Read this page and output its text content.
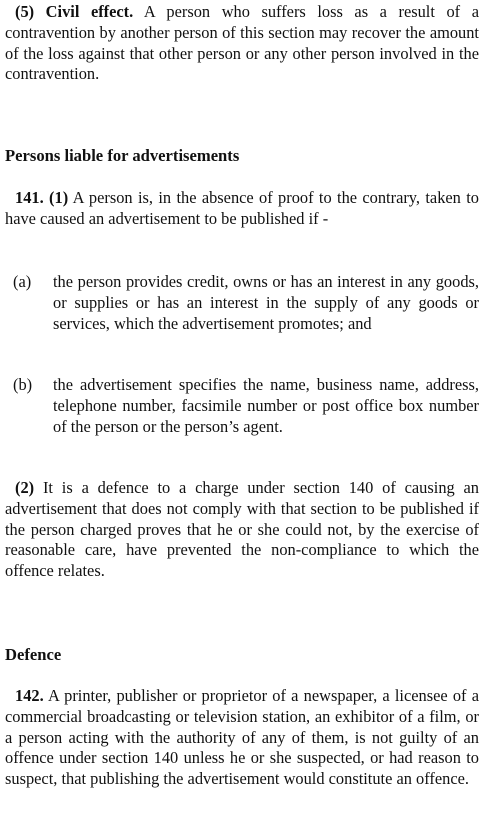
(5) Civil effect. A person who suffers loss as a result of a contravention by another person of this section may recover the amount of the loss against that other person or any other person involved in the contravention.

Persons liable for advertisements

141. (1) A person is, in the absence of proof to the contrary, taken to have caused an advertisement to be published if -

(a) the person provides credit, owns or has an interest in any goods, or supplies or has an interest in the supply of any goods or services, which the advertisement promotes; and

(b) the advertisement specifies the name, business name, address, telephone number, facsimile number or post office box number of the person or the person’s agent.

(2) It is a defence to a charge under section 140 of causing an advertisement that does not comply with that section to be published if the person charged proves that he or she could not, by the exercise of reasonable care, have prevented the non-compliance to which the offence relates.

Defence

142. A printer, publisher or proprietor of a newspaper, a licensee of a commercial broadcasting or television station, an exhibitor of a film, or a person acting with the authority of any of them, is not guilty of an offence under section 140 unless he or she suspected, or had reason to suspect, that publishing the advertisement would constitute an offence.
